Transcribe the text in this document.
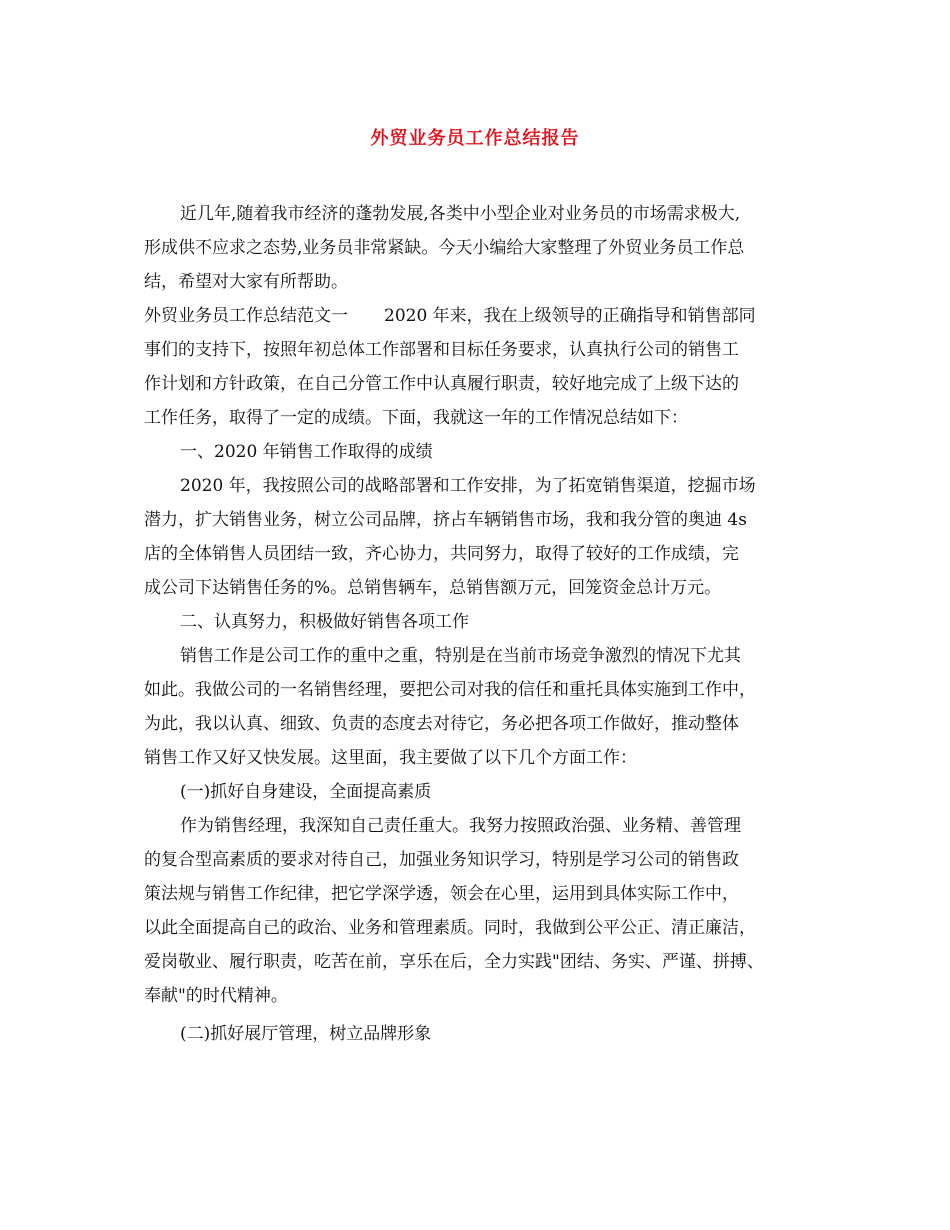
外贸业务员工作总结报告
近几年,随着我市经济的蓬勃发展,各类中小型企业对业务员的市场需求极大,
形成供不应求之态势,业务员非常紧缺。今天小编给大家整理了外贸业务员工作总
结，希望对大家有所帮助。
外贸业务员工作总结范文一 2020 年来，我在上级领导的正确指导和销售部同
事们的支持下，按照年初总体工作部署和目标任务要求，认真执行公司的销售工
作计划和方针政策，在自己分管工作中认真履行职责，较好地完成了上级下达的
工作任务，取得了一定的成绩。下面，我就这一年的工作情况总结如下：
一、2020 年销售工作取得的成绩
2020 年，我按照公司的战略部署和工作安排，为了拓宽销售渠道，挖掘市场
潜力，扩大销售业务，树立公司品牌，挤占车辆销售市场，我和我分管的奥迪 4s
店的全体销售人员团结一致，齐心协力，共同努力，取得了较好的工作成绩，完
成公司下达销售任务的%。总销售辆车，总销售额万元，回笼资金总计万元。
二、认真努力，积极做好销售各项工作
销售工作是公司工作的重中之重，特别是在当前市场竞争激烈的情况下尤其
如此。我做公司的一名销售经理，要把公司对我的信任和重托具体实施到工作中，
为此，我以认真、细致、负责的态度去对待它，务必把各项工作做好，推动整体
销售工作又好又快发展。这里面，我主要做了以下几个方面工作：
(一)抓好自身建设，全面提高素质
作为销售经理，我深知自己责任重大。我努力按照政治强、业务精、善管理
的复合型高素质的要求对待自己，加强业务知识学习，特别是学习公司的销售政
策法规与销售工作纪律，把它学深学透，领会在心里，运用到具体实际工作中，
以此全面提高自己的政治、业务和管理素质。同时，我做到公平公正、清正廉洁，
爱岗敬业、履行职责，吃苦在前，享乐在后，全力实践"团结、务实、严谨、拼搏、
奉献"的时代精神。
(二)抓好展厅管理，树立品牌形象
